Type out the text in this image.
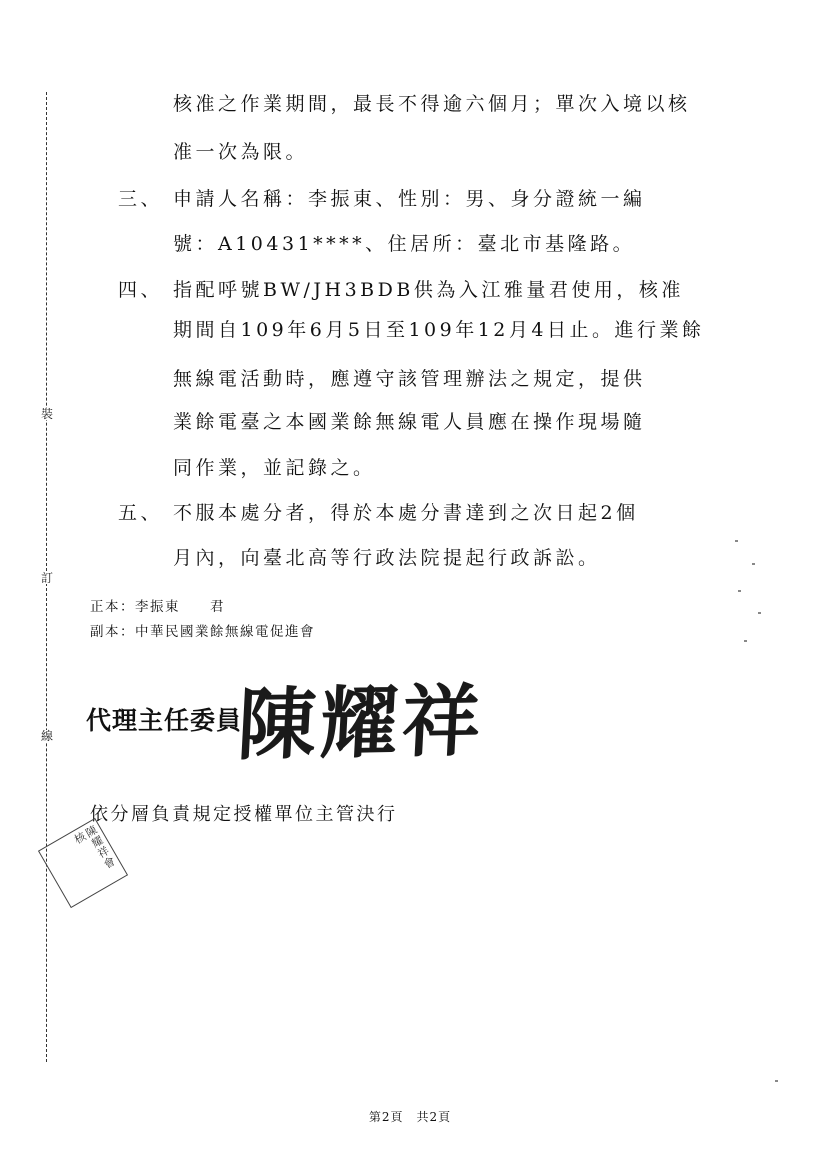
裝
訂
線
核准之作業期間，最長不得逾六個月；單次入境以核
准一次為限。
三、 申請人名稱：李振東、性別：男、身分證統一編
號：A10431****、住居所：臺北市基隆路。
四、 指配呼號BW/JH3BDB供為入江雅量君使用，核准
期間自109年6月5日至109年12月4日止。進行業餘
無線電活動時，應遵守該管理辦法之規定，提供
業餘電臺之本國業餘無線電人員應在操作現場隨
同作業，並記錄之。
五、 不服本處分者，得於本處分書達到之次日起2個
月內，向臺北高等行政法院提起行政訴訟。
正本：李振東　　君
副本：中華民國業餘無線電促進會
代理主任委員
陳耀祥
依分層負責規定授權單位主管決行
陳耀祥會核
第2頁　共2頁
